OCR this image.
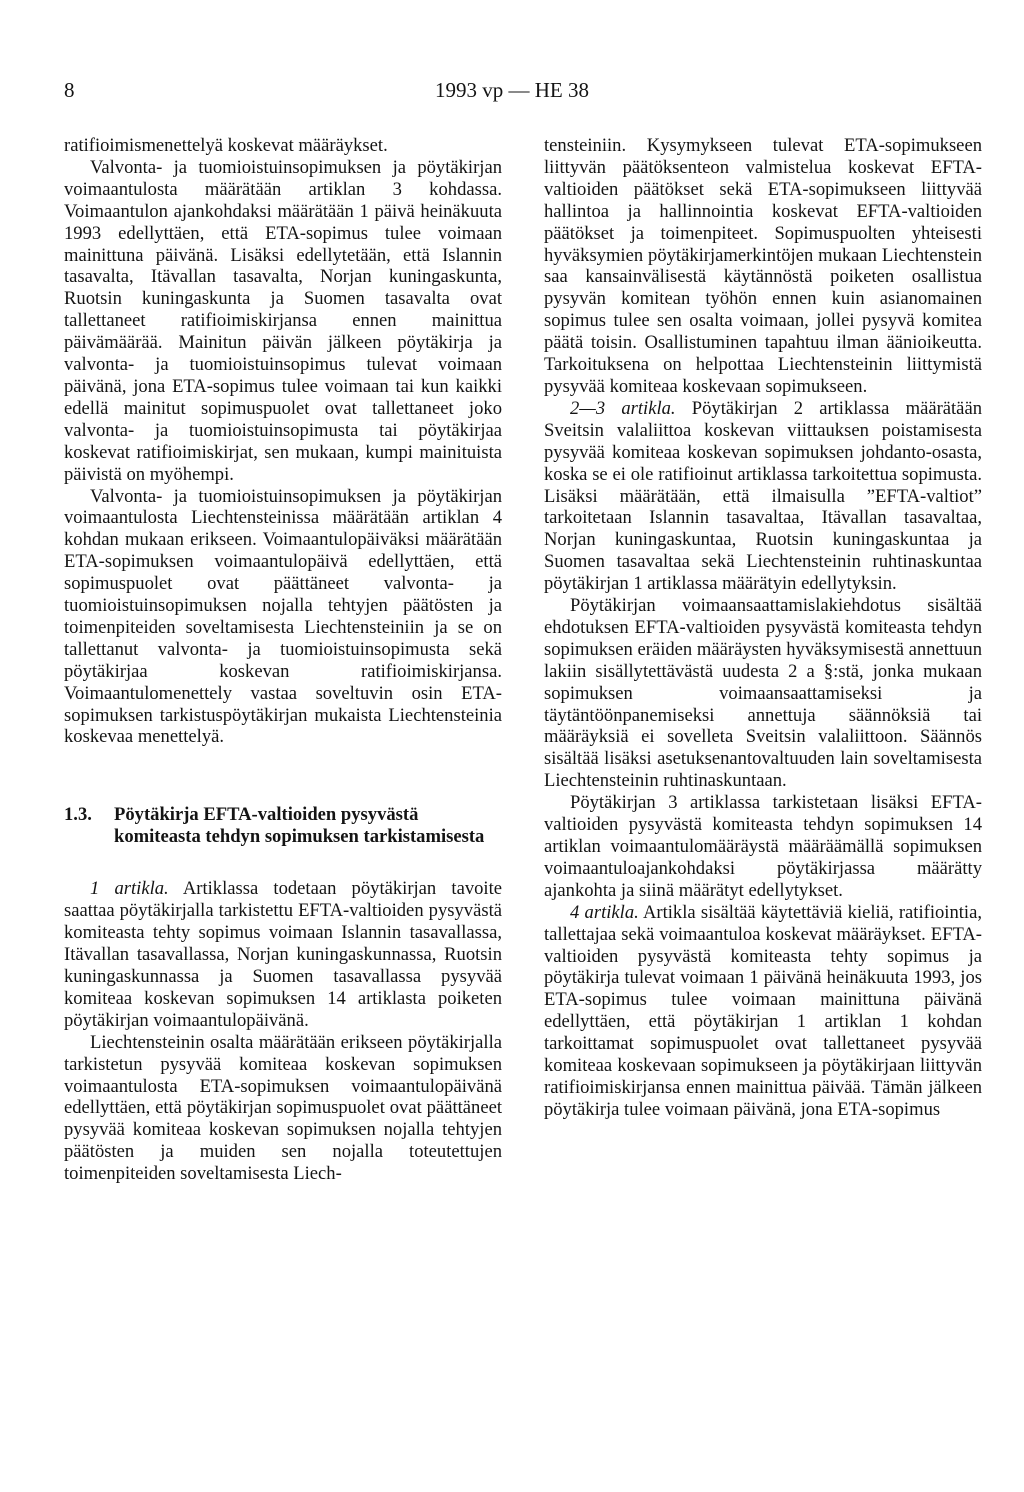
8	1993 vp — HE 38

ratifioimismenettelyä koskevat määräykset.

Valvonta- ja tuomioistuinsopimuksen ja pöytäkirjan voimaantulosta määrätään artiklan 3 kohdassa. Voimaantulon ajankohdaksi määrätään 1 päivä heinäkuuta 1993 edellyttäen, että ETA-sopimus tulee voimaan mainittuna päivänä. Lisäksi edellytetään, että Islannin tasavalta, Itävallan tasavalta, Norjan kuningaskunta, Ruotsin kuningaskunta ja Suomen tasavalta ovat tallettaneet ratifioimiskirjansa ennen mainittua päivämäärää. Mainitun päivän jälkeen pöytäkirja ja valvonta- ja tuomioistuinsopimus tulevat voimaan päivänä, jona ETA-sopimus tulee voimaan tai kun kaikki edellä mainitut sopimuspuolet ovat tallettaneet joko valvonta- ja tuomioistuinsopimusta tai pöytäkirjaa koskevat ratifioimiskirjat, sen mukaan, kumpi mainituista päivistä on myöhempi.

Valvonta- ja tuomioistuinsopimuksen ja pöytäkirjan voimaantulosta Liechtensteinissa määrätään artiklan 4 kohdan mukaan erikseen. Voimaantulopäiväksi määrätään ETA-sopimuksen voimaantulopäivä edellyttäen, että sopimuspuolet ovat päättäneet valvonta- ja tuomioistuinsopimuksen nojalla tehtyjen päätösten ja toimenpiteiden soveltamisesta Liechtensteiniin ja se on tallettanut valvonta- ja tuomioistuinsopimusta sekä pöytäkirjaa koskevan ratifioimiskirjansa. Voimaantulomenettely vastaa soveltuvin osin ETA-sopimuksen tarkistuspöytäkirjan mukaista Liechtensteinia koskevaa menettelyä.

1.3.	Pöytäkirja EFTA-valtioiden pysyvästä komiteasta tehdyn sopimuksen tarkistamisesta

1 artikla. Artiklassa todetaan pöytäkirjan tavoite saattaa pöytäkirjalla tarkistettu EFTA-valtioiden pysyvästä komiteasta tehty sopimus voimaan Islannin tasavallassa, Itävallan tasavallassa, Norjan kuningaskunnassa, Ruotsin kuningaskunnassa ja Suomen tasavallassa pysyvää komiteaa koskevan sopimuksen 14 artiklasta poiketen pöytäkirjan voimaantulopäivänä.

Liechtensteinin osalta määrätään erikseen pöytäkirjalla tarkistetun pysyvää komiteaa koskevan sopimuksen voimaantulosta ETA-sopimuksen voimaantulopäivänä edellyttäen, että pöytäkirjan sopimuspuolet ovat päättäneet pysyvää komiteaa koskevan sopimuksen nojalla tehtyjen päätösten ja muiden sen nojalla toteutettujen toimenpiteiden soveltamisesta Liech-

tensteiniin. Kysymykseen tulevat ETA-sopimukseen liittyvän päätöksenteon valmistelua koskevat EFTA-valtioiden päätökset sekä ETA-sopimukseen liittyvää hallintoa ja hallinnointia koskevat EFTA-valtioiden päätökset ja toimenpiteet. Sopimuspuolten yhteisesti hyväksymien pöytäkirjamerkintöjen mukaan Liechtenstein saa kansainvälisestä käytännöstä poiketen osallistua pysyvän komitean työhön ennen kuin asianomainen sopimus tulee sen osalta voimaan, jollei pysyvä komitea päätä toisin. Osallistuminen tapahtuu ilman äänioikeutta. Tarkoituksena on helpottaa Liechtensteinin liittymistä pysyvää komiteaa koskevaan sopimukseen.

2—3 artikla. Pöytäkirjan 2 artiklassa määrätään Sveitsin valaliittoa koskevan viittauksen poistamisesta pysyvää komiteaa koskevan sopimuksen johdanto-osasta, koska se ei ole ratifioinut artiklassa tarkoitettua sopimusta. Lisäksi määrätään, että ilmaisulla ”EFTA-valtiot” tarkoitetaan Islannin tasavaltaa, Itävallan tasavaltaa, Norjan kuningaskuntaa, Ruotsin kuningaskuntaa ja Suomen tasavaltaa sekä Liechtensteinin ruhtinaskuntaa pöytäkirjan 1 artiklassa määrätyin edellytyksin.

Pöytäkirjan voimaansaattamislakiehdotus sisältää ehdotuksen EFTA-valtioiden pysyvästä komiteasta tehdyn sopimuksen eräiden määräysten hyväksymisestä annettuun lakiin sisällytettävästä uudesta 2 a §:stä, jonka mukaan sopimuksen voimaansaattamiseksi ja täytäntöönpanemiseksi annettuja säännöksiä tai määräyksiä ei sovelleta Sveitsin valaliittoon. Säännös sisältää lisäksi asetuksenantovaltuuden lain soveltamisesta Liechtensteinin ruhtinaskuntaan.

Pöytäkirjan 3 artiklassa tarkistetaan lisäksi EFTA-valtioiden pysyvästä komiteasta tehdyn sopimuksen 14 artiklan voimaantulomääräystä määräämällä sopimuksen voimaantuloajankohdaksi pöytäkirjassa määrätty ajankohta ja siinä määrätyt edellytykset.

4 artikla. Artikla sisältää käytettäviä kieliä, ratifiointia, tallettajaa sekä voimaantuloa koskevat määräykset. EFTA-valtioiden pysyvästä komiteasta tehty sopimus ja pöytäkirja tulevat voimaan 1 päivänä heinäkuuta 1993, jos ETA-sopimus tulee voimaan mainittuna päivänä edellyttäen, että pöytäkirjan 1 artiklan 1 kohdan tarkoittamat sopimuspuolet ovat tallettaneet pysyvää komiteaa koskevaan sopimukseen ja pöytäkirjaan liittyvän ratifioimiskirjansa ennen mainittua päivää. Tämän jälkeen pöytäkirja tulee voimaan päivänä, jona ETA-sopimus
